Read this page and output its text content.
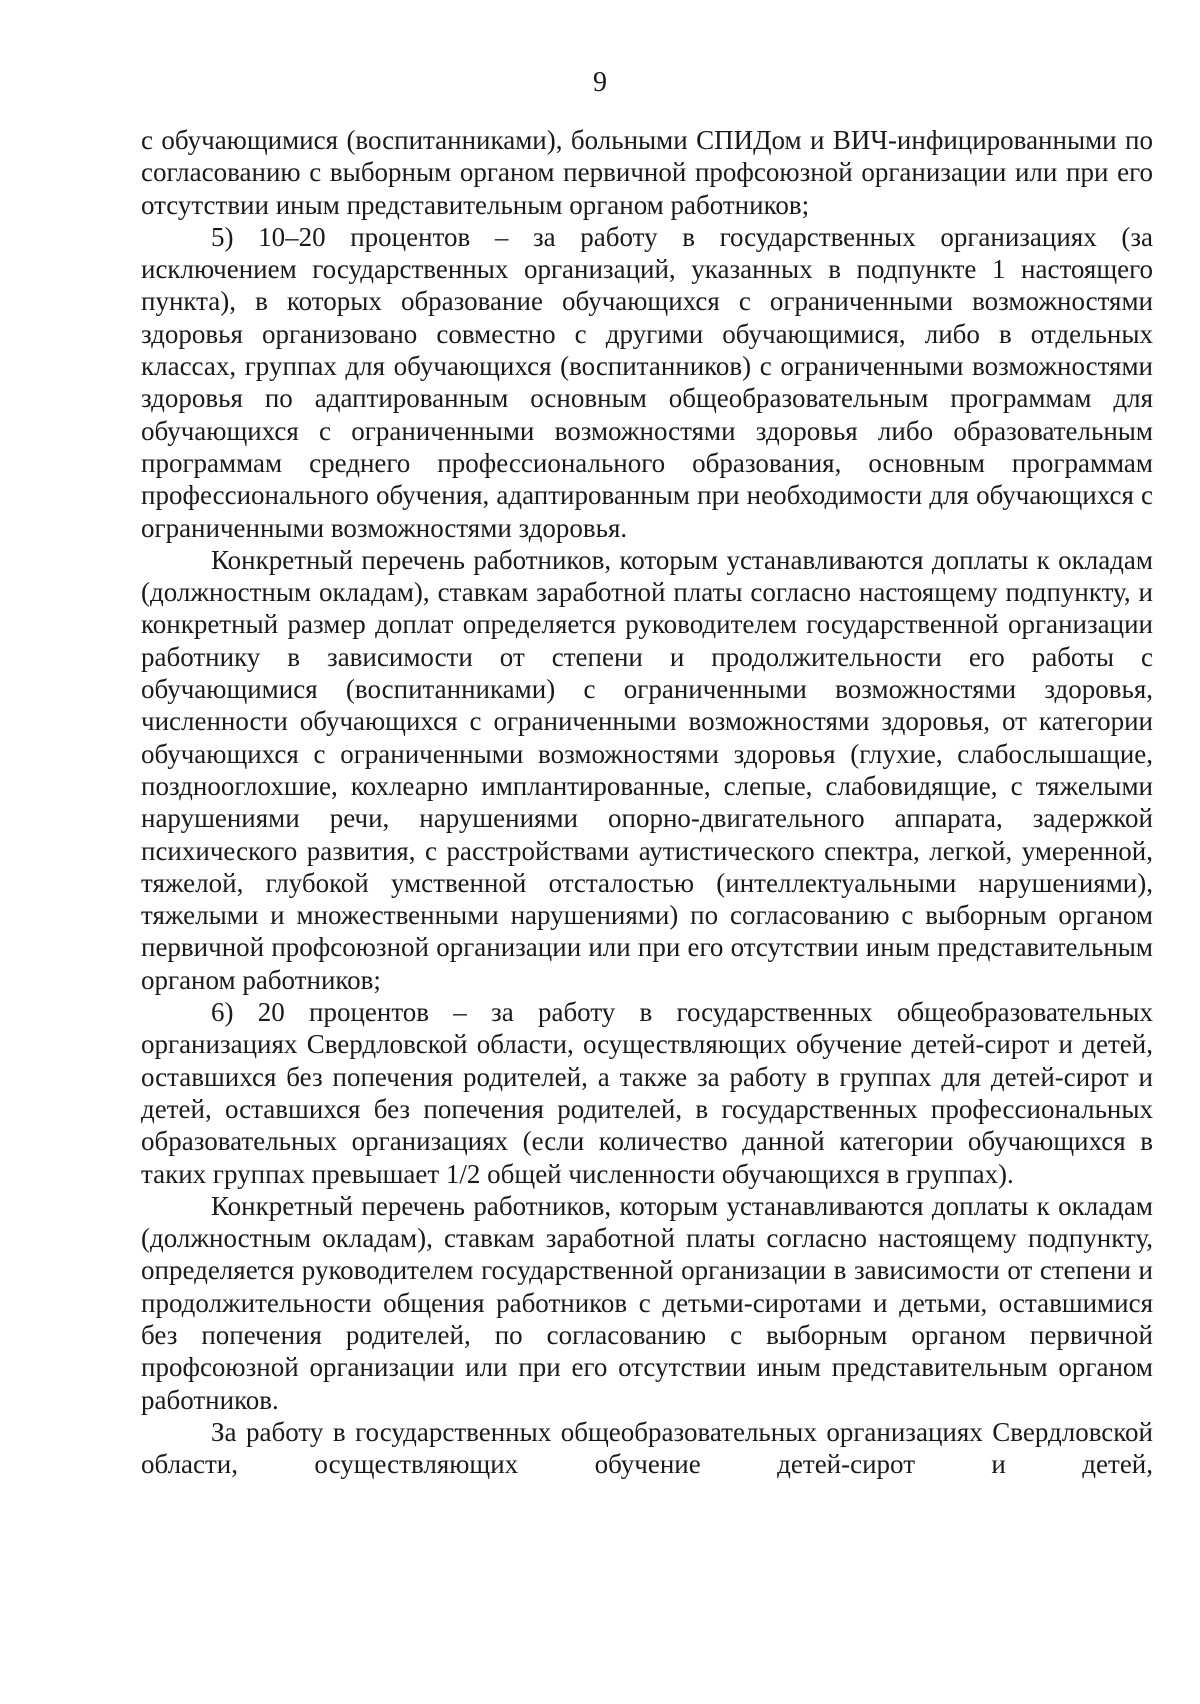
9

с обучающимися (воспитанниками), больными СПИДом и ВИЧ-инфицированными по согласованию с выборным органом первичной профсоюзной организации или при его отсутствии иным представительным органом работников;

5) 10–20 процентов – за работу в государственных организациях (за исключением государственных организаций, указанных в подпункте 1 настоящего пункта), в которых образование обучающихся с ограниченными возможностями здоровья организовано совместно с другими обучающимися, либо в отдельных классах, группах для обучающихся (воспитанников) с ограниченными возможностями здоровья по адаптированным основным общеобразовательным программам для обучающихся с ограниченными возможностями здоровья либо образовательным программам среднего профессионального образования, основным программам профессионального обучения, адаптированным при необходимости для обучающихся с ограниченными возможностями здоровья.

Конкретный перечень работников, которым устанавливаются доплаты к окладам (должностным окладам), ставкам заработной платы согласно настоящему подпункту, и конкретный размер доплат определяется руководителем государственной организации работнику в зависимости от степени и продолжительности его работы с обучающимися (воспитанниками) с ограниченными возможностями здоровья, численности обучающихся с ограниченными возможностями здоровья, от категории обучающихся с ограниченными возможностями здоровья (глухие, слабослышащие, позднооглохшие, кохлеарно имплантированные, слепые, слабовидящие, с тяжелыми нарушениями речи, нарушениями опорно-двигательного аппарата, задержкой психического развития, с расстройствами аутистического спектра, легкой, умеренной, тяжелой, глубокой умственной отсталостью (интеллектуальными нарушениями), тяжелыми и множественными нарушениями) по согласованию с выборным органом первичной профсоюзной организации или при его отсутствии иным представительным органом работников;

6) 20 процентов – за работу в государственных общеобразовательных организациях Свердловской области, осуществляющих обучение детей-сирот и детей, оставшихся без попечения родителей, а также за работу в группах для детей-сирот и детей, оставшихся без попечения родителей, в государственных профессиональных образовательных организациях (если количество данной категории обучающихся в таких группах превышает 1/2 общей численности обучающихся в группах).

Конкретный перечень работников, которым устанавливаются доплаты к окладам (должностным окладам), ставкам заработной платы согласно настоящему подпункту, определяется руководителем государственной организации в зависимости от степени и продолжительности общения работников с детьми-сиротами и детьми, оставшимися без попечения родителей, по согласованию с выборным органом первичной профсоюзной организации или при его отсутствии иным представительным органом работников.

За работу в государственных общеобразовательных организациях Свердловской области, осуществляющих обучение детей-сирот и детей,
